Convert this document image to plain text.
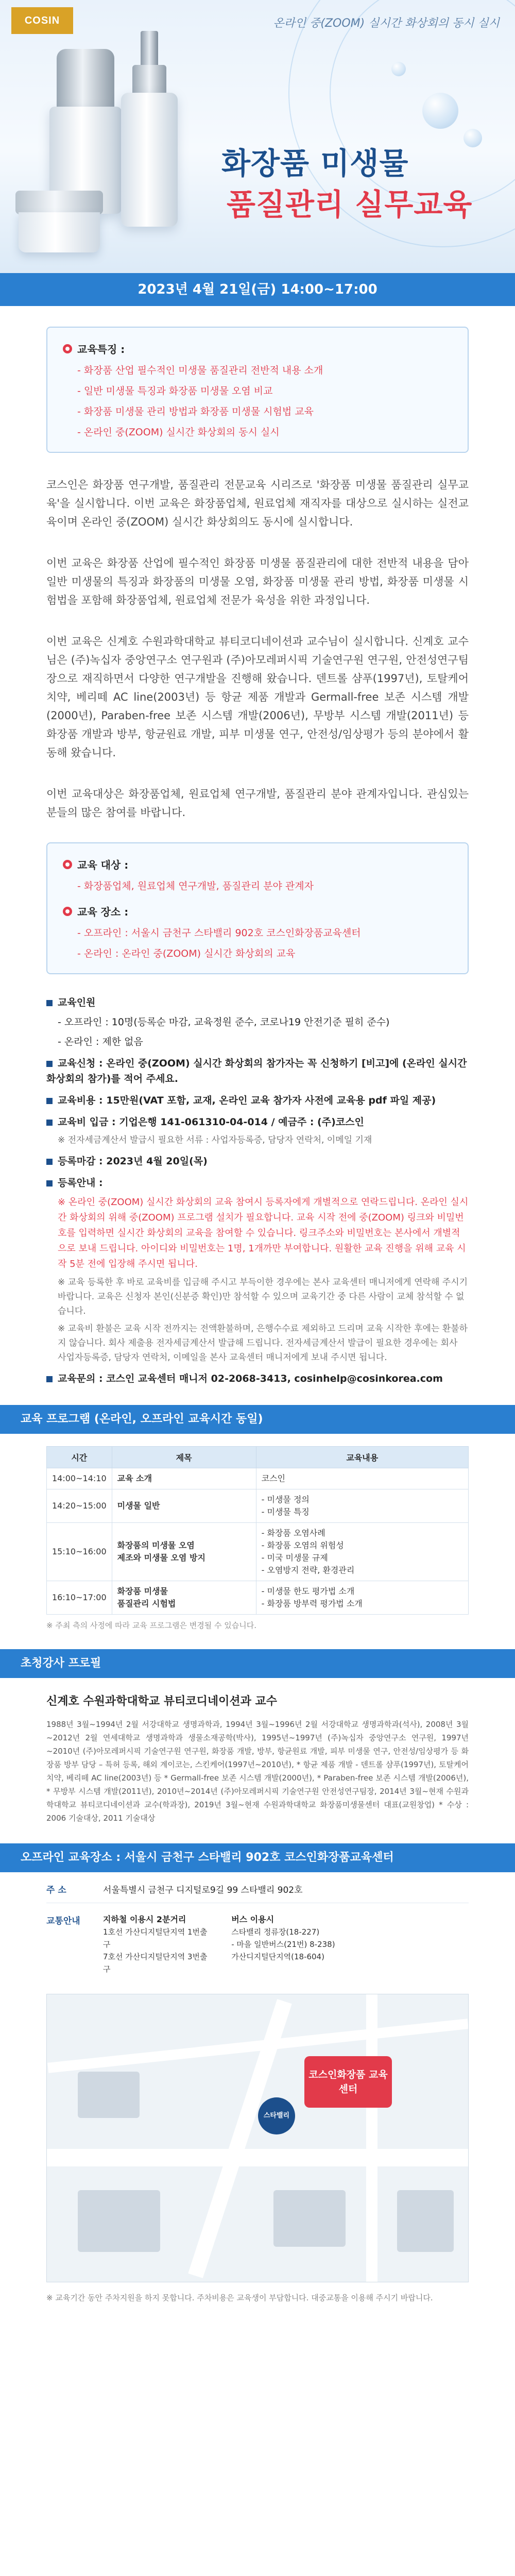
COSIN	온라인 중(ZOOM) 실시간 화상회의 동시 실시
화장품 미생물
품질관리 실무교육
2023년 4월 21일(금) 14:00~17:00
교육특징 :
- 화장품 산업 필수적인 미생물 품질관리 전반적 내용 소개
- 일반 미생물 특징과 화장품 미생물 오염 비교
- 화장품 미생물 관리 방법과 화장품 미생물 시험법 교육
- 온라인 중(ZOOM) 실시간 화상회의 동시 실시

코스인은 화장품 연구개발, 품질관리 전문교육 시리즈로 '화장품 미생물 품질관리 실무교육'을 실시합니다. 이번 교육은 화장품업체, 원료업체 재직자를 대상으로 실시하는 실전교육이며 온라인 중(ZOOM) 실시간 화상회의도 동시에 실시합니다.

이번 교육은 화장품 산업에 필수적인 화장품 미생물 품질관리에 대한 전반적 내용을 담아 일반 미생물의 특징과 화장품의 미생물 오염, 화장품 미생물 관리 방법, 화장품 미생물 시험법을 포함해 화장품업체, 원료업체 전문가 육성을 위한 과정입니다.

이번 교육은 신계호 수원과학대학교 뷰티코디네이션과 교수님이 실시합니다. 신계호 교수님은 (주)녹십자 중앙연구소 연구원과 (주)아모레퍼시픽 기술연구원 연구원, 안전성연구팀장으로 재직하면서 다양한 연구개발을 진행해 왔습니다. 덴트롤 샴푸(1997년), 토탈케어 치약, 베리떼 AC line(2003년) 등 항균 제품 개발과 Germall-free 보존 시스템 개발(2000년), Paraben-free 보존 시스템 개발(2006년), 무방부 시스템 개발(2011년) 등 화장품 개발과 방부, 항균원료 개발, 피부 미생물 연구, 안전성/임상평가 등의 분야에서 활동해 왔습니다.

이번 교육대상은 화장품업체, 원료업체 연구개발, 품질관리 분야 관계자입니다. 관심있는 분들의 많은 참여를 바랍니다.

교육 대상 :
- 화장품업체, 원료업체 연구개발, 품질관리 분야 관계자
교육 장소 :
- 오프라인 : 서울시 금천구 스타밸리 902호 코스인화장품교육센터
- 온라인 : 온라인 중(ZOOM) 실시간 화상회의 교육
교육인원
- 오프라인 : 10명(등록순 마감, 교육정원 준수, 코로나19 안전기준 필히 준수)
- 온라인 : 제한 없음
교육신청 : 온라인 중(ZOOM) 실시간 화상회의 참가자는 꼭 신청하기 [비고]에 (온라인 실시간 화상회의 참가)를 적어 주세요.
교육비용 : 15만원(VAT 포함, 교재, 온라인 교육 참가자 사전에 교육용 pdf 파일 제공)
교육비 입금 : 기업은행 141-061310-04-014 / 예금주 : (주)코스인
※ 전자세금계산서 발급시 필요한 서류 : 사업자등록증, 담당자 연락처, 이메일 기재
등록마감 : 2023년 4월 20일(목)
등록안내 :
※ 온라인 중(ZOOM) 실시간 화상회의 교육 참여시 등록자에게 개별적으로 연락드립니다. 온라인 실시간 화상회의 위해 중(ZOOM) 프로그램 설치가 필요합니다. 교육 시작 전에 중(ZOOM) 링크와 비밀번호를 입력하면 실시간 화상회의 교육을 참여할 수 있습니다. 링크주소와 비밀번호는 본사에서 개별적으로 보내 드립니다. 아이디와 비밀번호는 1명, 1개까만 부여합니다. 원활한 교육 진행을 위해 교육 시작 5분 전에 입장해 주시면 됩니다.
※ 교육 등록한 후 바로 교육비를 입금해 주시고 부득이한 경우에는 본사 교육센터 매니저에게 연락해 주시기 바랍니다. 교육은 신청자 본인(신분증 확인)만 참석할 수 있으며 교육기간 중 다른 사람이 교체 참석할 수 없습니다.
※ 교육비 환불은 교육 시작 전까지는 전액환불하며, 은행수수료 제외하고 드리며 교육 시작한 후에는 환불하지 않습니다. 회사 제출용 전자세금계산서 발급해 드립니다. 전자세금계산서 발급이 필요한 경우에는 회사 사업자등록증, 담당자 연락처, 이메일을 본사 교육센터 매니저에게 보내 주시면 됩니다.
교육문의 : 코스인 교육센터 매니저 02-2068-3413, cosinhelp@cosinkorea.com
교육 프로그램 (온라인, 오프라인 교육시간 동일)
시간	제목	교육내용
14:00~14:10	교육 소개	코스인
14:20~15:00	미생물 일반	- 미생물 정의
- 미생물 특징
15:10~16:00	화장품의 미생물 오염
제조와 미생물 오염 방지	- 화장품 오염사례
- 화장품 오염의 위험성
- 미국 미생물 규제
- 오염방지 전략, 환경관리
16:10~17:00	화장품 미생물
품질관리 시험법	- 미생물 한도 평가법 소개
- 화장품 방부력 평가법 소개
※ 주최 측의 사정에 따라 교육 프로그램은 변경될 수 있습니다.
초청강사 프로필
신계호 수원과학대학교 뷰티코디네이션과 교수

1988년 3월~1994년 2월 서강대학교 생명과학과, 1994년 3월~1996년 2월 서강대학교 생명과학과(석사), 2008년 3월~2012년 2월 연세대학교 생명과학과 생물소재공학(박사), 1995년~1997년 (주)녹십자 중앙연구소 연구원, 1997년~2010년 (주)아모레퍼시픽 기술연구원 연구원, 화장품 개발, 방부, 항균원료 개발, 피부 미생물 연구, 안전성/임상평가 등 화장품 방부 담당 – 특허 등록, 해외 계이코는, 스킨케어(1997년~2010년), * 항균 제품 개발 - 덴트롤 샴푸(1997년), 토탈케어 치약, 베리떼 AC line(2003년) 등 * Germall-free 보존 시스템 개발(2000년), * Paraben-free 보존 시스템 개발(2006년), * 무방부 시스템 개발(2011년), 2010년~2014년 (주)아모레퍼시픽 기술연구원 안전성연구팀장, 2014년 3월~현재 수원과학대학교 뷰티코디네이션과 교수(학과장), 2019년 3월~현재 수원과학대학교 화장품미생물센터 대표(교원창업) * 수상 : 2006 기술대상, 2011 기술대상

오프라인 교육장소 : 서울시 금천구 스타밸리 902호 코스인화장품교육센터
주 소	서울특별시 금천구 디지털로9길 99 스타밸리 902호
교통안내	지하철 이용시 2분거리
1호선 가산디지털단지역 1번출구
7호선 가산디지털단지역 3번출구
버스 이용시
스타밸리 정류장(18-227)
- 마을 일반버스(21번) 8-238)
가산디지털단지역(18-604)
스타밸리
코스인화장품 교육센터
※ 교육기간 동안 주차지원을 하지 못합니다. 주차비용은 교육생이 부담합니다. 대중교통을 이용해 주시기 바랍니다.
